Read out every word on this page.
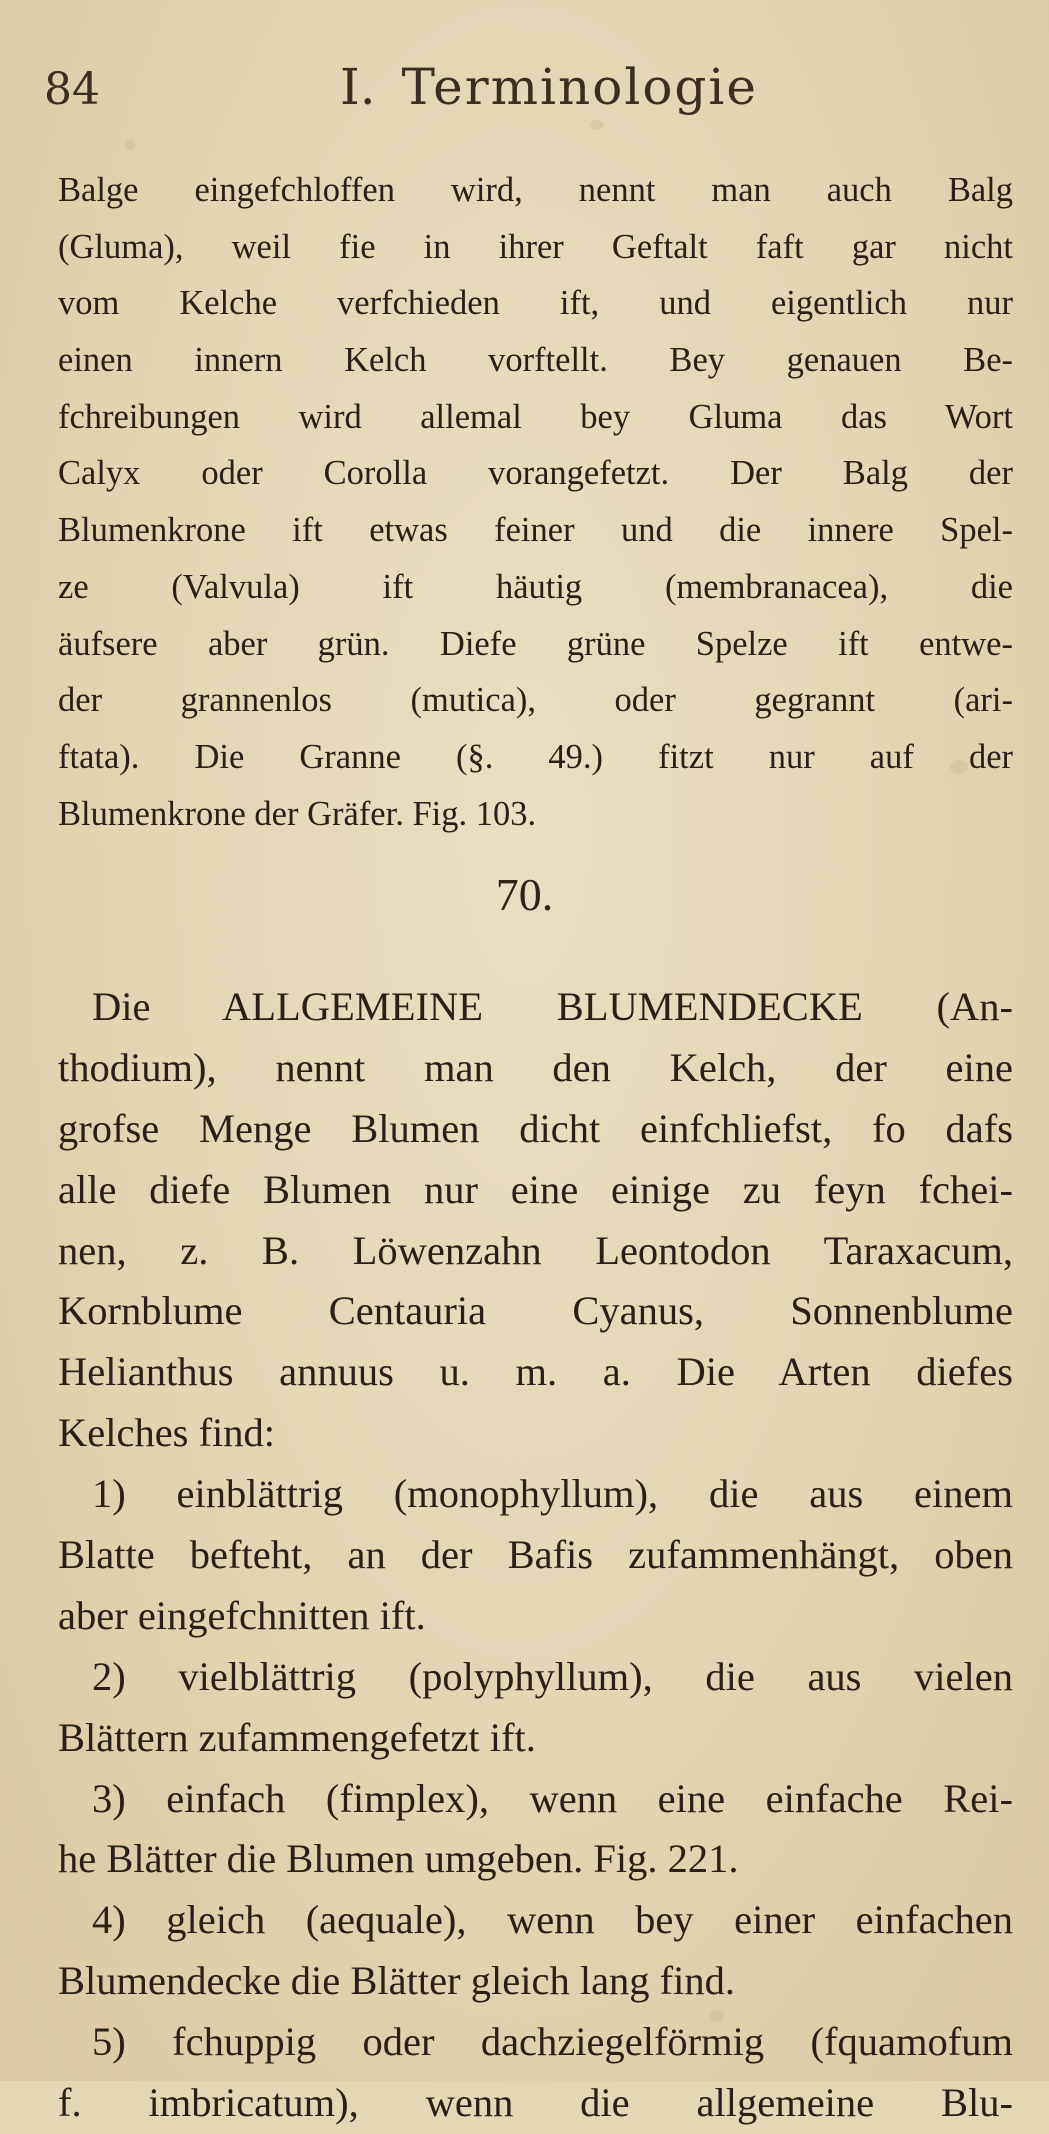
84	I. Terminologie
Balge eingefchloffen wird, nennt man auch Balg
(Gluma), weil fie in ihrer Geftalt faft gar nicht
vom Kelche verfchieden ift, und eigentlich nur
einen innern Kelch vorftellt. Bey genauen Be-
fchreibungen wird allemal bey Gluma das Wort
Calyx oder Corolla vorangefetzt. Der Balg der
Blumenkrone ift etwas feiner und die innere Spel-
ze (Valvula) ift häutig (membranacea), die
äufsere aber grün. Diefe grüne Spelze ift entwe-
der grannenlos (mutica), oder gegrannt (ari-
ftata). Die Granne (§. 49.) fitzt nur auf der
Blumenkrone der Gräfer. Fig. 103.
70.
Die ALLGEMEINE BLUMENDECKE (An-
thodium), nennt man den Kelch, der eine
grofse Menge Blumen dicht einfchliefst, fo dafs
alle diefe Blumen nur eine einige zu feyn fchei-
nen, z. B. Löwenzahn Leontodon Taraxacum,
Kornblume Centauria Cyanus, Sonnenblume
Helianthus annuus u. m. a. Die Arten diefes
Kelches find:
1) einblättrig (monophyllum), die aus einem
Blatte befteht, an der Bafis zufammenhängt, oben
aber eingefchnitten ift.
2) vielblättrig (polyphyllum), die aus vielen
Blättern zufammengefetzt ift.
3) einfach (fimplex), wenn eine einfache Rei-
he Blätter die Blumen umgeben. Fig. 221.
4) gleich (aequale), wenn bey einer einfachen
Blumendecke die Blätter gleich lang find.
5) fchuppig oder dachziegelförmig (fquamofum
f. imbricatum), wenn die allgemeine Blu-
